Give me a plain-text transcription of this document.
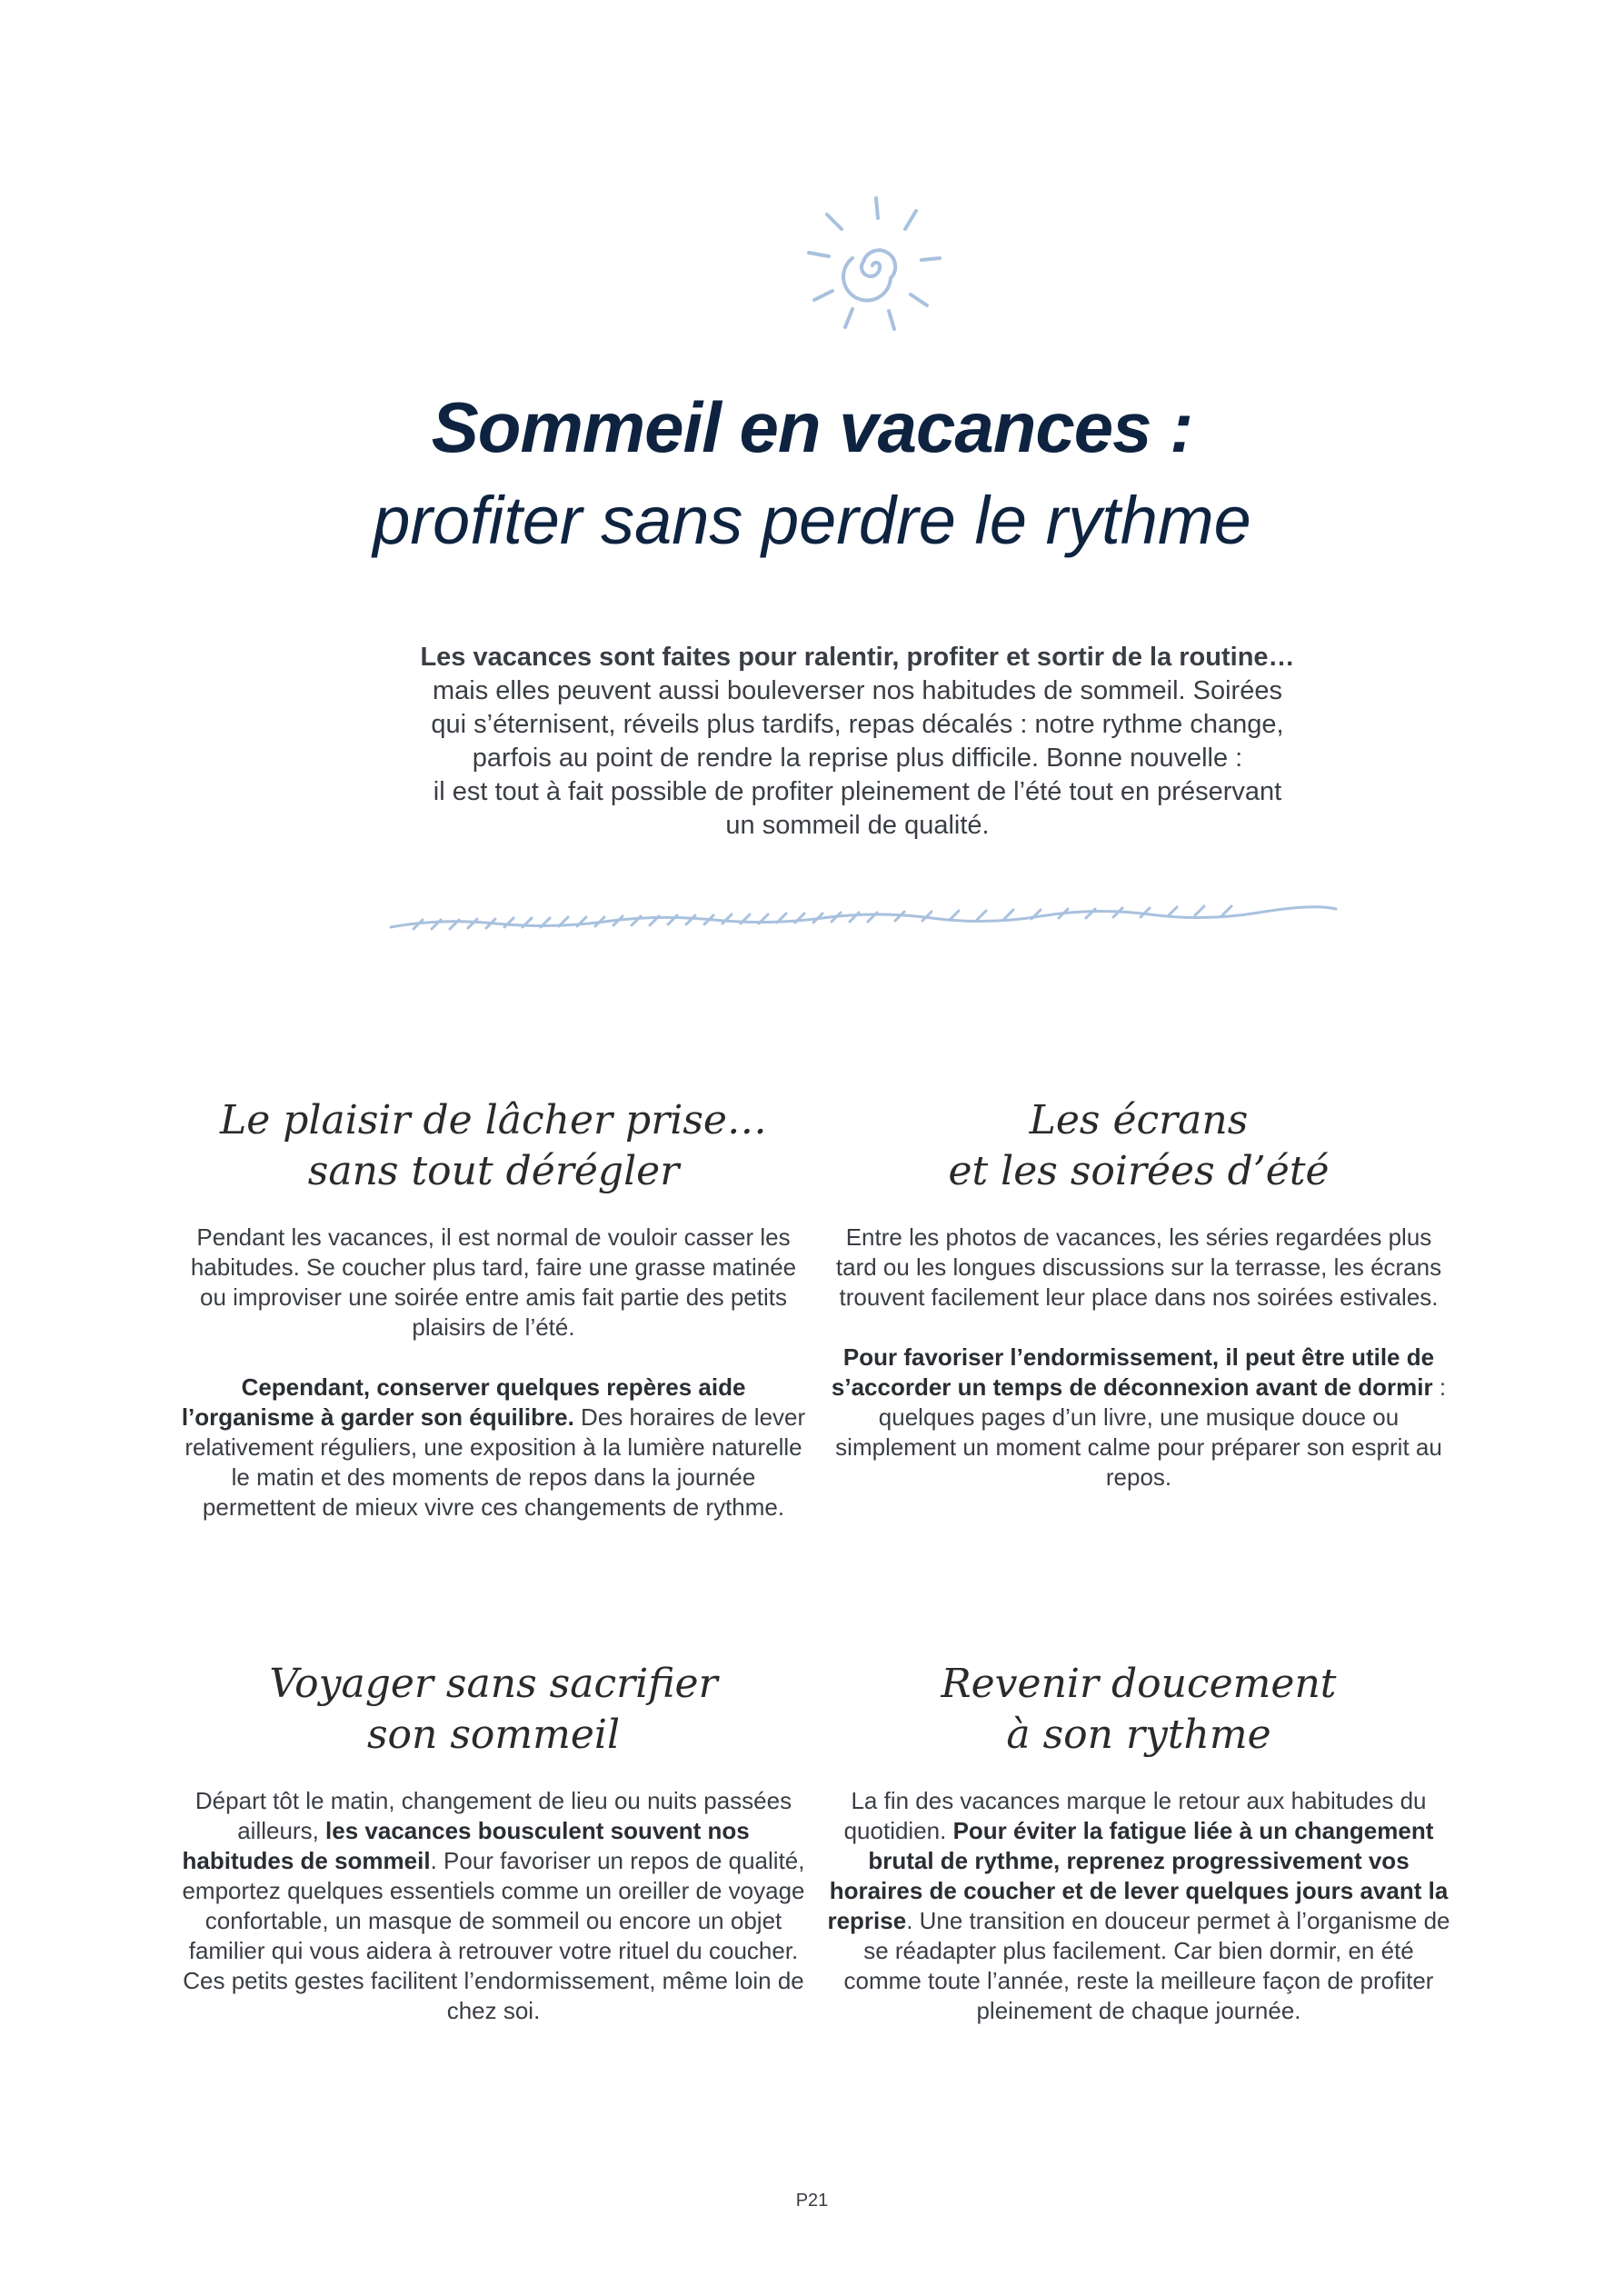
Sommeil en vacances :
profiter sans perdre le rythme

Les vacances sont faites pour ralentir, profiter et sortir de la routine…

mais elles peuvent aussi bouleverser nos habitudes de sommeil. Soirées

qui s’éternisent, réveils plus tardifs, repas décalés : notre rythme change,

parfois au point de rendre la reprise plus difficile. Bonne nouvelle :

il est tout à fait possible de profiter pleinement de l’été tout en préservant

un sommeil de qualité.

Le plaisir de lâcher prise…
sans tout dérégler

Pendant les vacances, il est normal de vouloir casser les habitudes. Se coucher plus tard, faire une grasse matinée ou improviser une soirée entre amis fait partie des petits plaisirs de l’été.

Cependant, conserver quelques repères aide l’organisme à garder son équilibre. Des horaires de lever relativement réguliers, une exposition à la lumière naturelle le matin et des moments de repos dans la journée permettent de mieux vivre ces changements de rythme.

Les écrans
et les soirées d’été

Entre les photos de vacances, les séries regardées plus tard ou les longues discussions sur la terrasse, les écrans trouvent facilement leur place dans nos soirées estivales.

Pour favoriser l’endormissement, il peut être utile de s’accorder un temps de déconnexion avant de dormir : quelques pages d’un livre, une musique douce ou simplement un moment calme pour préparer son esprit au repos.

Voyager sans sacrifier
son sommeil

Départ tôt le matin, changement de lieu ou nuits passées ailleurs, les vacances bousculent souvent nos habitudes de sommeil. Pour favoriser un repos de qualité, emportez quelques essentiels comme un oreiller de voyage confortable, un masque de sommeil ou encore un objet familier qui vous aidera à retrouver votre rituel du coucher.

Ces petits gestes facilitent l’endormissement, même loin de chez soi.

Revenir doucement
à son rythme

La fin des vacances marque le retour aux habitudes du quotidien. Pour éviter la fatigue liée à un changement brutal de rythme, reprenez progressivement vos horaires de coucher et de lever quelques jours avant la reprise. Une transition en douceur permet à l’organisme de se réadapter plus facilement. Car bien dormir, en été comme toute l’année, reste la meilleure façon de profiter pleinement de chaque journée.

P21
